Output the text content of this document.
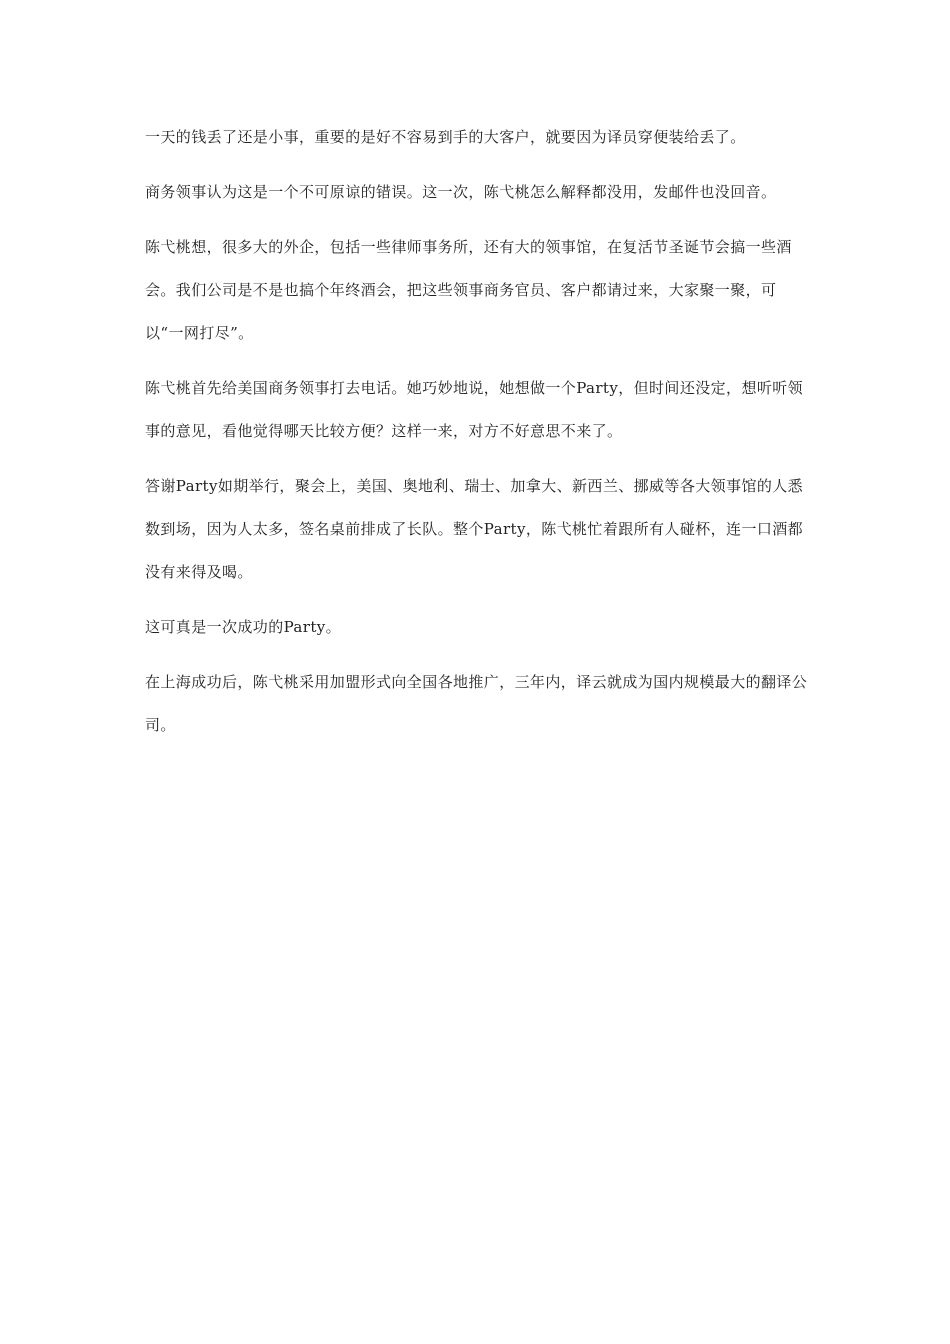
一天的钱丢了还是小事，重要的是好不容易到手的大客户，就要因为译员穿便装给丢了。

商务领事认为这是一个不可原谅的错误。这一次，陈弋桃怎么解释都没用，发邮件也没回音。

陈弋桃想，很多大的外企，包括一些律师事务所，还有大的领事馆，在复活节圣诞节会搞一些酒会。我们公司是不是也搞个年终酒会，把这些领事商务官员、客户都请过来，大家聚一聚，可以“一网打尽”。

陈弋桃首先给美国商务领事打去电话。她巧妙地说，她想做一个Party，但时间还没定，想听听领事的意见，看他觉得哪天比较方便？这样一来，对方不好意思不来了。

答谢Party如期举行，聚会上，美国、奥地利、瑞士、加拿大、新西兰、挪威等各大领事馆的人悉数到场，因为人太多，签名桌前排成了长队。整个Party，陈弋桃忙着跟所有人碰杯，连一口酒都没有来得及喝。

这可真是一次成功的Party。

在上海成功后，陈弋桃采用加盟形式向全国各地推广，三年内，译云就成为国内规模最大的翻译公司。
